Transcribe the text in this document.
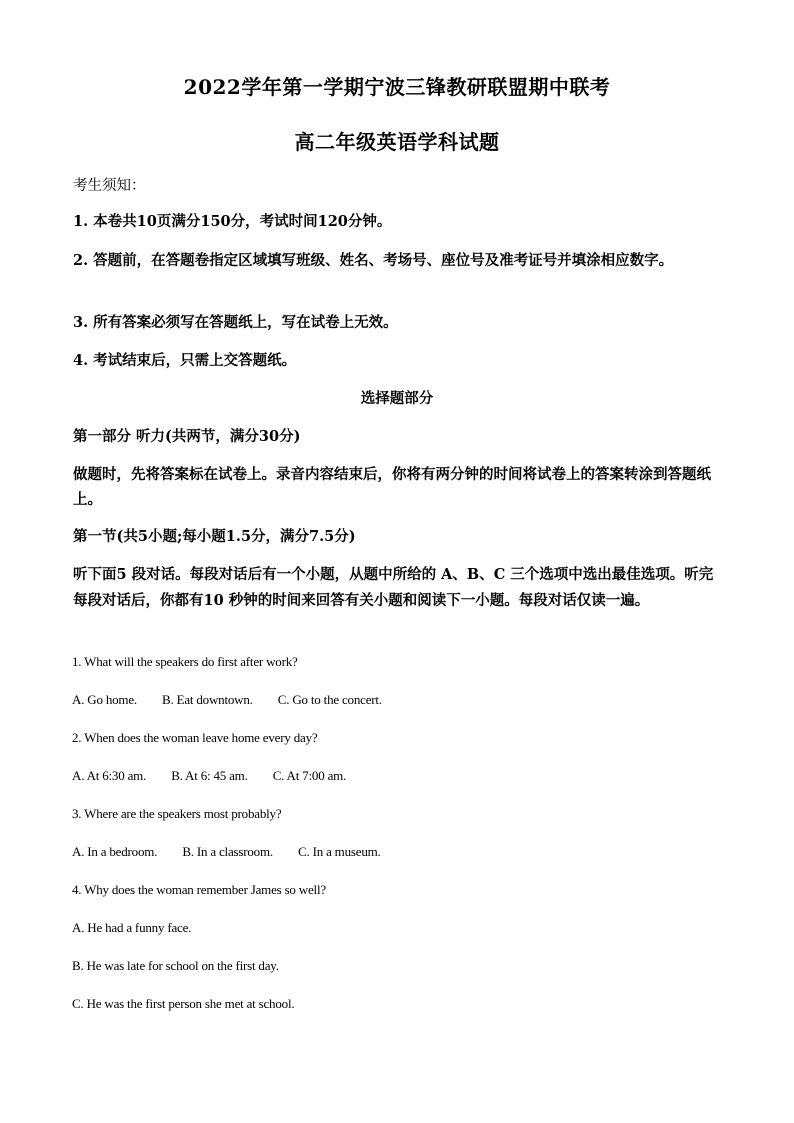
2022学年第一学期宁波三锋教研联盟期中联考
高二年级英语学科试题
考生须知：
1. 本卷共10页满分150分，考试时间120分钟。
2. 答题前，在答题卷指定区域填写班级、姓名、考场号、座位号及准考证号并填涂相应数字。
3. 所有答案必须写在答题纸上，写在试卷上无效。
4. 考试结束后，只需上交答题纸。
选择题部分
第一部分 听力(共两节，满分30分)
做题时，先将答案标在试卷上。录音内容结束后，你将有两分钟的时间将试卷上的答案转涂到答题纸上。
第一节(共5小题;每小题1.5分，满分7.5分)
听下面5 段对话。每段对话后有一个小题，从题中所给的 A、B、C 三个选项中选出最佳选项。听完每段对话后，你都有10 秒钟的时间来回答有关小题和阅读下一小题。每段对话仅读一遍。
1. What will the speakers do first after work?
A. Go home. B. Eat downtown. C. Go to the concert.
2. When does the woman leave home every day?
A. At 6:30 am. B. At 6: 45 am. C. At 7:00 am.
3. Where are the speakers most probably?
A. In a bedroom. B. In a classroom. C. In a museum.
4. Why does the woman remember James so well?
A. He had a funny face.
B. He was late for school on the first day.
C. He was the first person she met at school.
